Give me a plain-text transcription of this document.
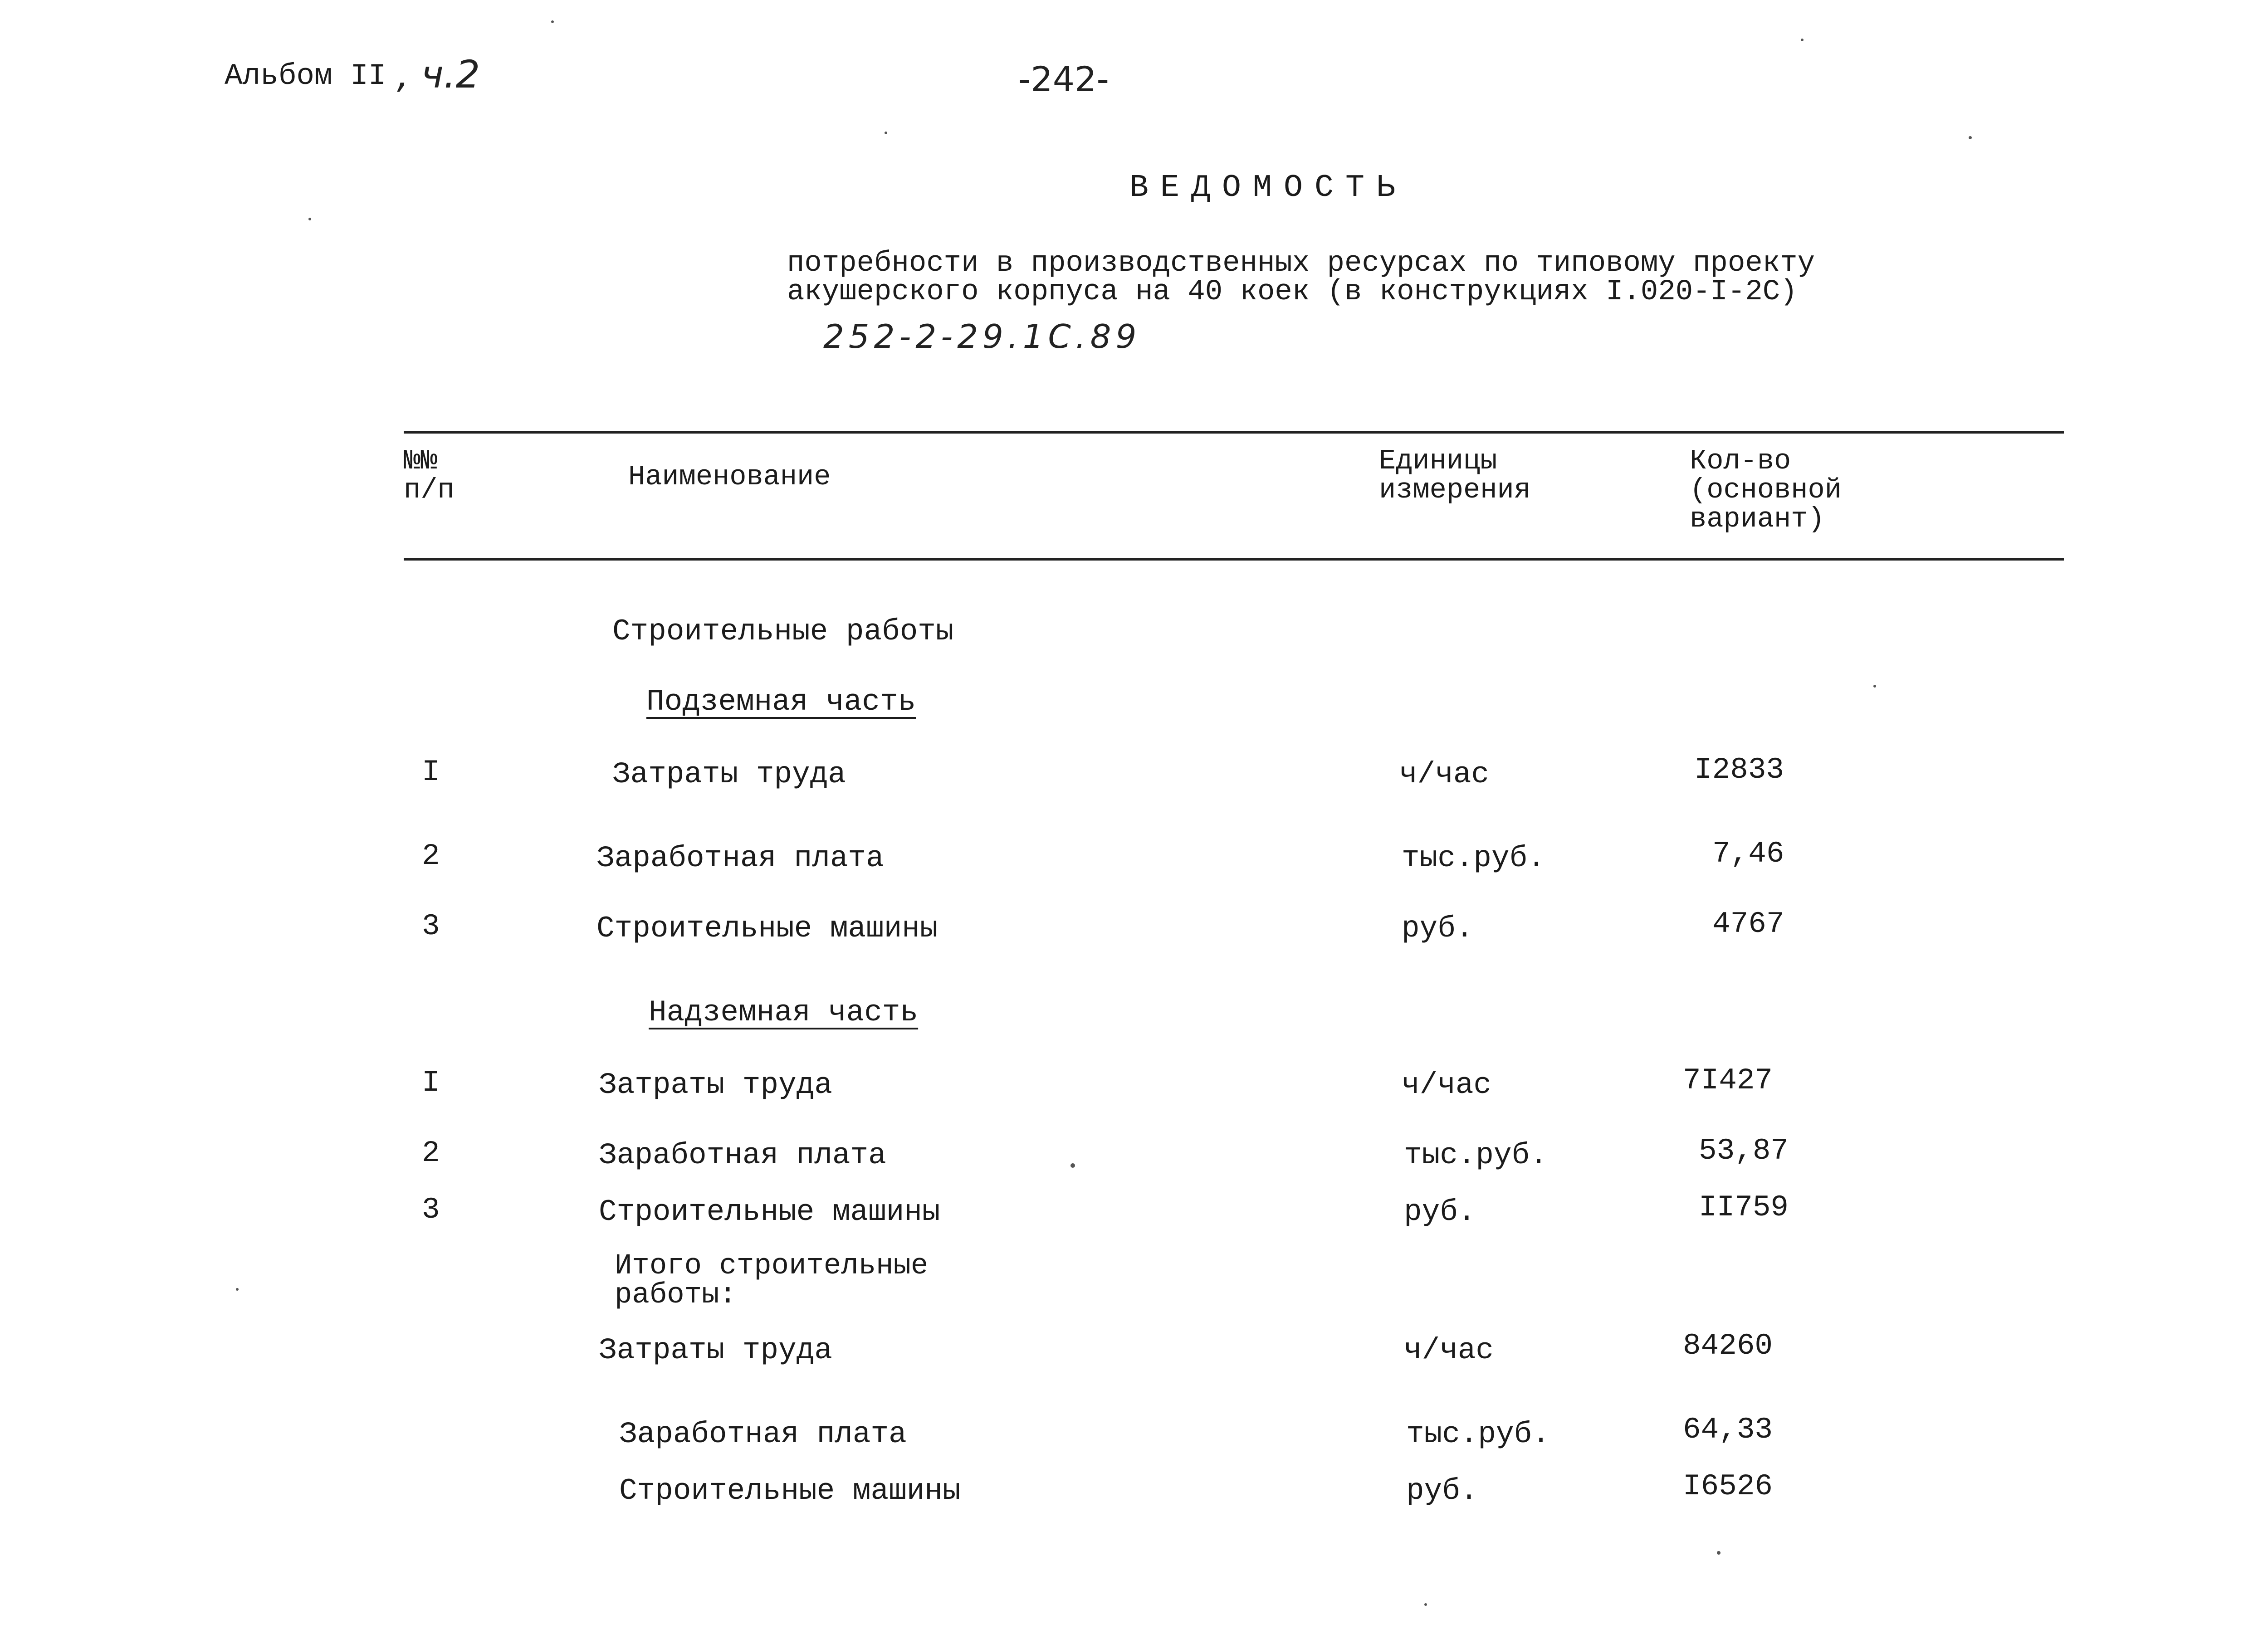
Альбом II , ч.2	-242-
ВЕДОМОСТЬ
потребности в производственных ресурсах по типовому проекту
акушерского корпуса на 40 коек (в конструкциях I.020-I-2C)
252-2-29.1С.89
№№
п/п	Наименование	Единицы
измерения
Кол-во
(основной
вариант)
Строительные работы
Подземная часть
I	Затраты труда	ч/час	I2833
2	Заработная плата	тыс.руб.	7,46
3	Строительные машины	руб.	4767
Надземная часть
I	Затраты труда	ч/час	7I427
2	Заработная плата	тыс.руб.	53,87
3	Строительные машины	руб.	II759
Итого строительные
работы:
Затраты труда	ч/час	84260
Заработная плата	тыс.руб.	64,33
Строительные машины	руб.	I6526
